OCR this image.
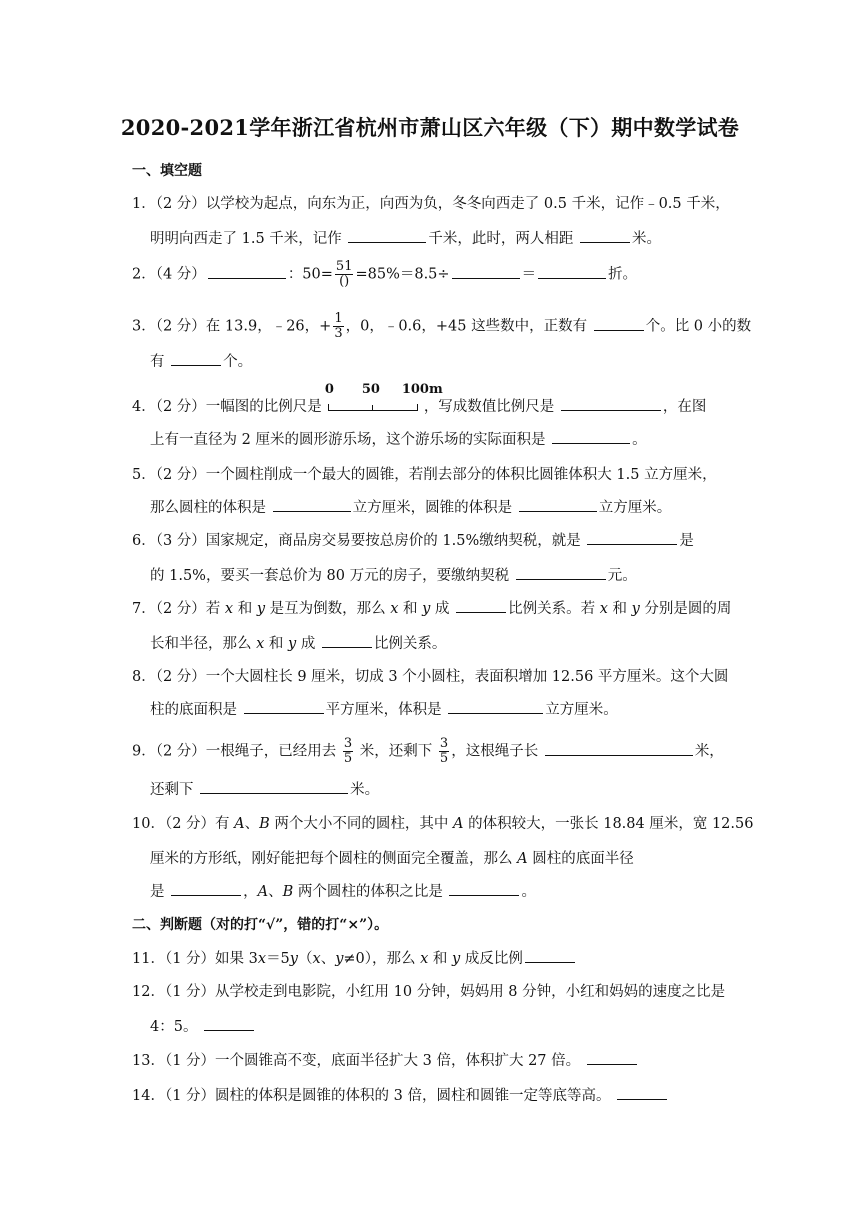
2020-2021学年浙江省杭州市萧山区六年级（下）期中数学试卷
一、填空题
1．（2 分）以学校为起点，向东为正，向西为负，冬冬向西走了 0.5 千米，记作﹣0.5 千米，
明明向西走了 1.5 千米，记作	千米，此时，两人相距	米。
2．（4 分）	：$50= \frac{51}{()} =85\%=8.5\div$	＝	折。
3．（2 分）在 13.9，﹣26，+ $\frac{1}{3}$ ，0，﹣0.6，+45 这些数中，正数有	个。比 0 小的数
有	个。
4．（2 分）一幅图的比例尺是
0 50 100m
，写成数值比例尺是	，在图
上有一直径为 2 厘米的圆形游乐场，这个游乐场的实际面积是	。
5．（2 分）一个圆柱削成一个最大的圆锥，若削去部分的体积比圆锥体积大 1.5 立方厘米，
那么圆柱的体积是	立方厘米，圆锥的体积是	立方厘米。
6．（3 分）国家规定，商品房交易要按总房价的 1.5%缴纳契税，就是	是
的 1.5%，要买一套总价为 80 万元的房子，要缴纳契税	元。
7．（2 分）若 x 和 y 是互为倒数，那么 x 和 y 成	比例关系。若 x 和 y 分别是圆的周
长和半径，那么 x 和 y 成	比例关系。
8．（2 分）一个大圆柱长 9 厘米，切成 3 个小圆柱，表面积增加 12.56 平方厘米。这个大圆
柱的底面积是	平方厘米，体积是	立方厘米。
9．（2 分）一根绳子，已经用去 $\frac{3}{5}$ 米，还剩下 $\frac{3}{5}$ ，这根绳子长	米，
还剩下	米。
10．（2 分）有 A、B 两个大小不同的圆柱，其中 A 的体积较大，一张长 18.84 厘米，宽 12.56
厘米的方形纸，刚好能把每个圆柱的侧面完全覆盖，那么 A 圆柱的底面半径
是	，A、B 两个圆柱的体积之比是	。
二、判断题（对的打“√”，错的打“×”）。
11．（1 分）如果 3x＝5y（x、y≠0），那么 x 和 y 成反比例
12．（1 分）从学校走到电影院，小红用 10 分钟，妈妈用 8 分钟，小红和妈妈的速度之比是
4：5。
13．（1 分）一个圆锥高不变，底面半径扩大 3 倍，体积扩大 27 倍。
14．（1 分）圆柱的体积是圆锥的体积的 3 倍，圆柱和圆锥一定等底等高。
